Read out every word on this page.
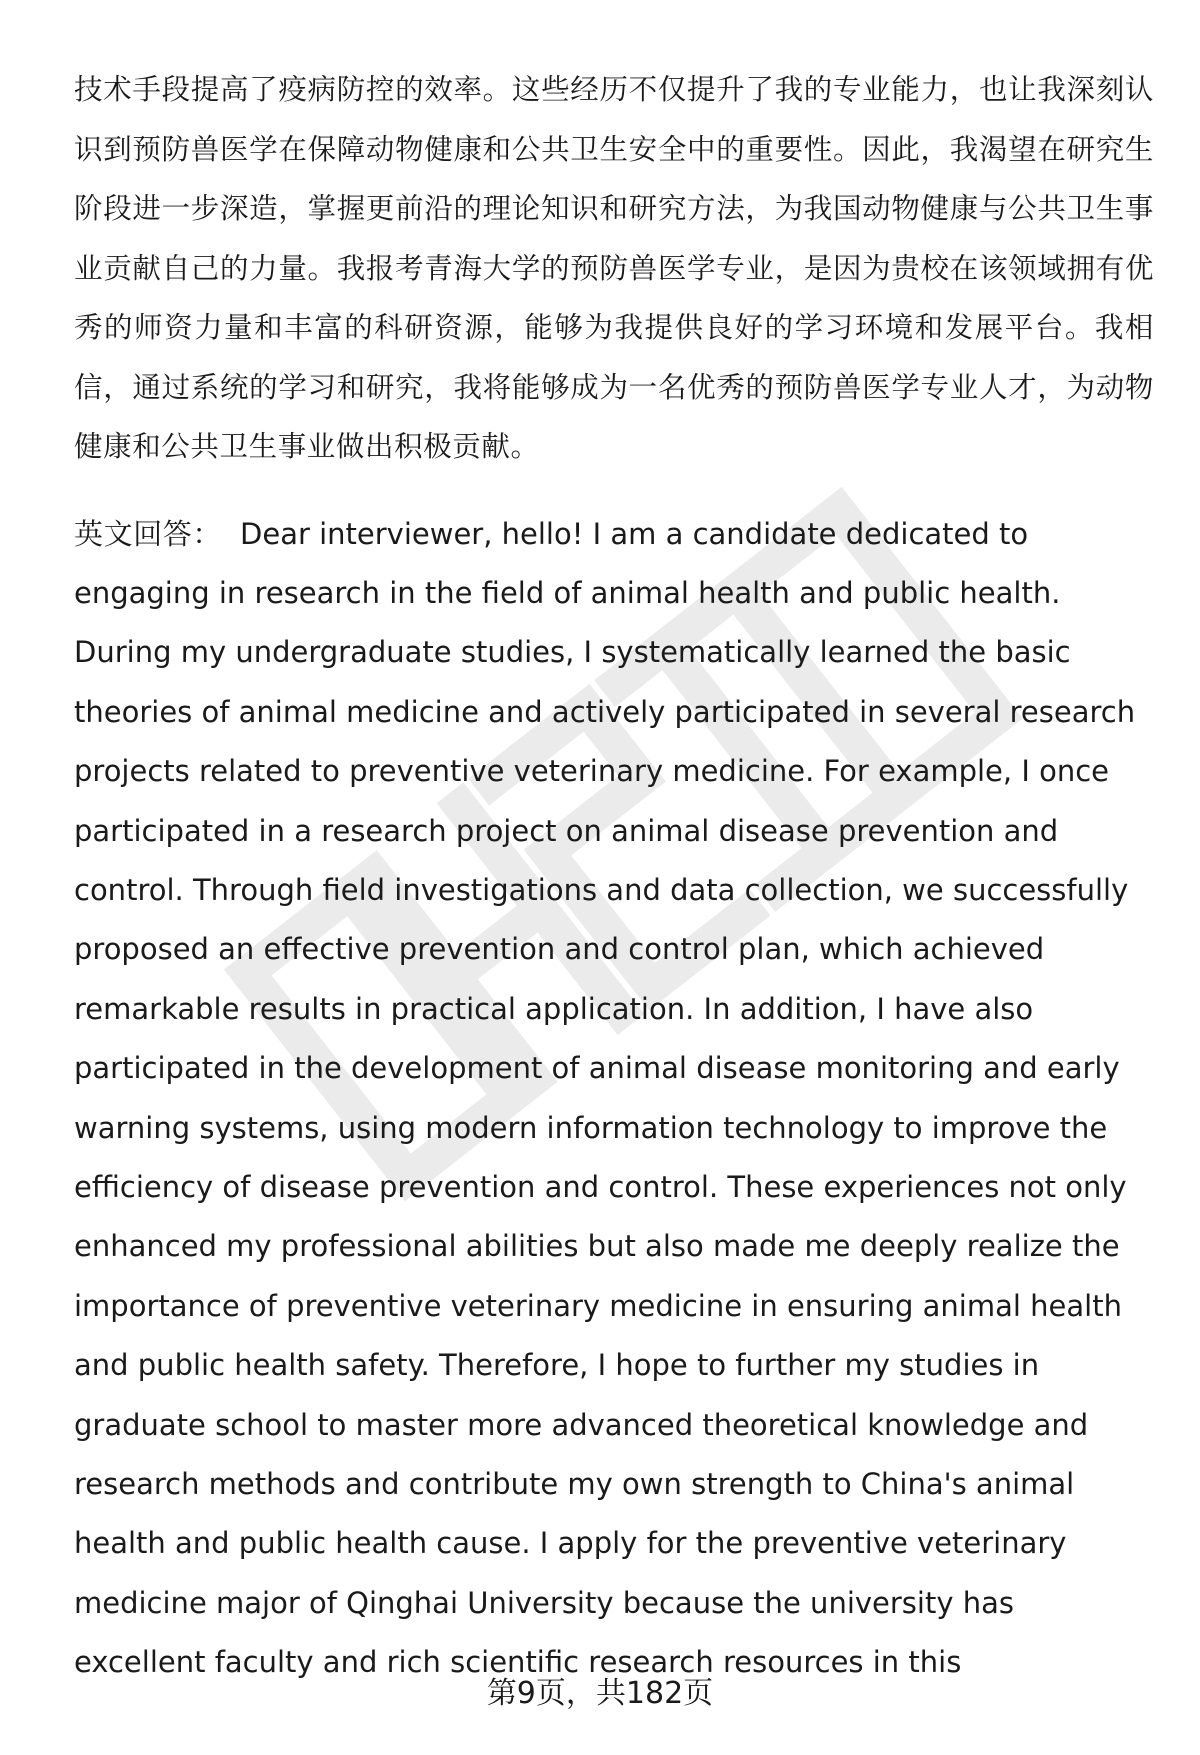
技术手段提高了疫病防控的效率。这些经历不仅提升了我的专业能力，也让我深刻认识到预防兽医学在保障动物健康和公共卫生安全中的重要性。因此，我渴望在研究生阶段进一步深造，掌握更前沿的理论知识和研究方法，为我国动物健康与公共卫生事业贡献自己的力量。我报考青海大学的预防兽医学专业，是因为贵校在该领域拥有优秀的师资力量和丰富的科研资源，能够为我提供良好的学习环境和发展平台。我相信，通过系统的学习和研究，我将能够成为一名优秀的预防兽医学专业人才，为动物健康和公共卫生事业做出积极贡献。

英文回答： Dear interviewer, hello! I am a candidate dedicated to engaging in research in the field of animal health and public health. During my undergraduate studies, I systematically learned the basic theories of animal medicine and actively participated in several research projects related to preventive veterinary medicine. For example, I once participated in a research project on animal disease prevention and control. Through field investigations and data collection, we successfully proposed an effective prevention and control plan, which achieved remarkable results in practical application. In addition, I have also participated in the development of animal disease monitoring and early warning systems, using modern information technology to improve the efficiency of disease prevention and control. These experiences not only enhanced my professional abilities but also made me deeply realize the importance of preventive veterinary medicine in ensuring animal health and public health safety. Therefore, I hope to further my studies in graduate school to master more advanced theoretical knowledge and research methods and contribute my own strength to China's animal health and public health cause. I apply for the preventive veterinary medicine major of Qinghai University because the university has excellent faculty and rich scientific research resources in this

第9页，共182页
